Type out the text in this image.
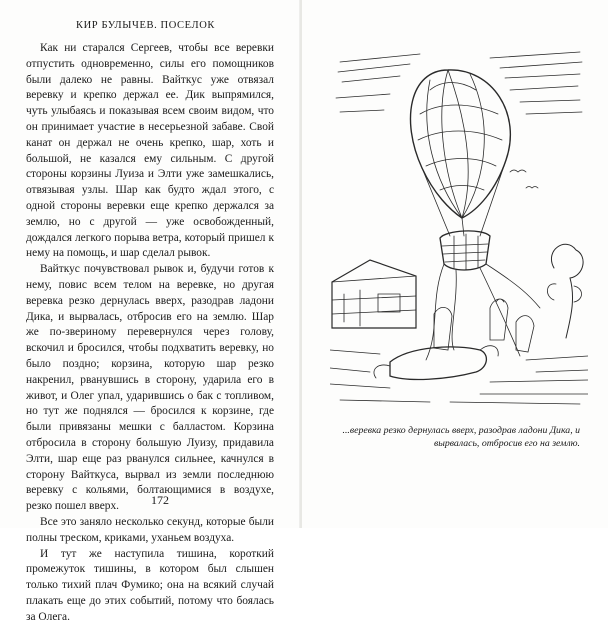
КИР БУЛЫЧЕВ. ПОСЕЛОК

Как ни старался Сергеев, чтобы все веревки отпустить одновременно, силы его помощников были далеко не равны. Вайткус уже отвязал веревку и крепко держал ее. Дик выпрямился, чуть улыбаясь и показывая всем своим видом, что он принимает участие в несерьезной забаве. Свой канат он держал не очень крепко, шар, хоть и большой, не казался ему сильным. С другой стороны корзины Луиза и Элти уже замешкались, отвязывая узлы. Шар как будто ждал этого, с одной стороны веревки еще крепко держался за землю, но с другой — уже освобожденный, дождался легкого порыва ветра, который пришел к нему на помощь, и шар сделал рывок.

Вайткус почувствовал рывок и, будучи готов к нему, повис всем телом на веревке, но другая веревка резко дернулась вверх, разодрав ладони Дика, и вырвалась, отбросив его на землю. Шар же по-звериному перевернулся через голову, вскочил и бросился, чтобы подхватить веревку, но было поздно; корзина, которую шар резко накренил, рванувшись в сторону, ударила его в живот, и Олег упал, ударившись о бак с топливом, но тут же поднялся — бросился к корзине, где были привязаны мешки с балластом. Корзина отбросила в сторону большую Луизу, придавила Элти, шар еще раз рванулся сильнее, качнулся в сторону Вайткуса, вырвал из земли последнюю веревку с кольями, болтающимися в воздухе, резко пошел вверх.

Все это заняло несколько секунд, которые были полны треском, криками, уханьем воздуха.

И тут же наступила тишина, короткий промежуток тишины, в котором был слышен только тихий плач Фумико; она на всякий случай плакать еще до этих событий, потому что боялась за Олега.

172
...веревка резко дернулась вверх, разодрав ладони Дика, и вырвалась, отбросив его на землю.
